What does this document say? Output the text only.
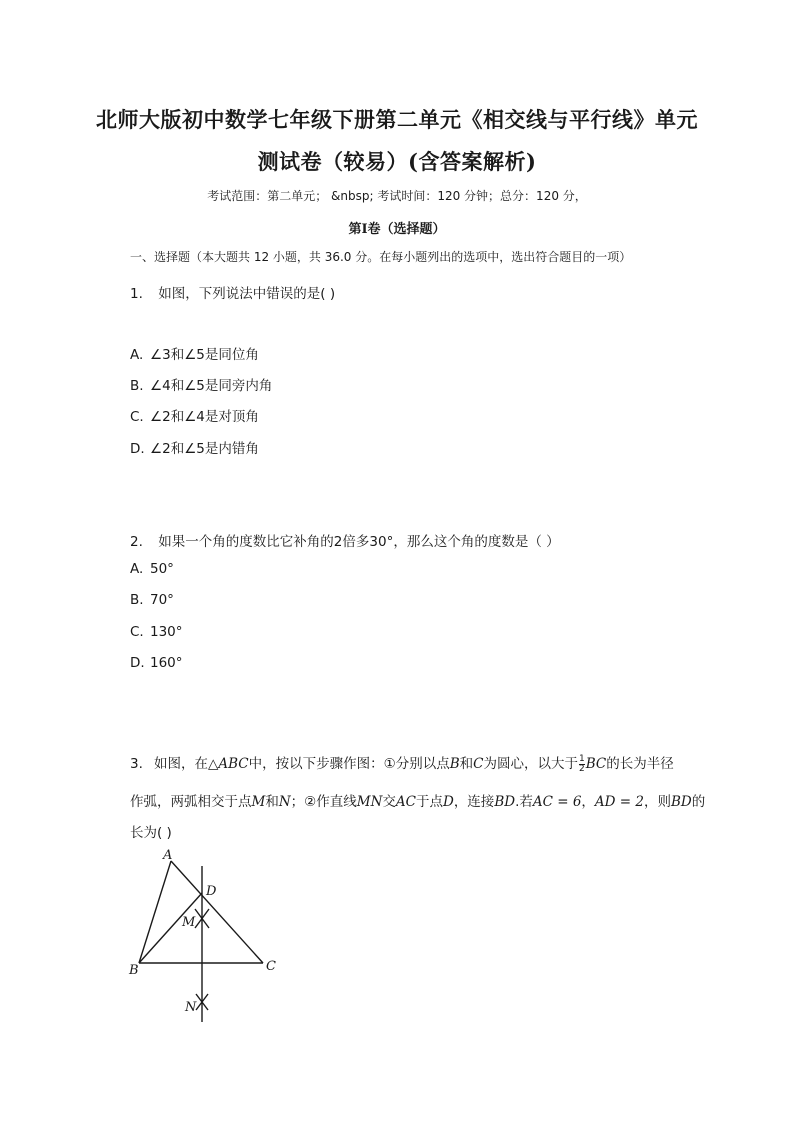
北师大版初中数学七年级下册第二单元《相交线与平行线》单元
测试卷（较易）(含答案解析)
考试范围：第二单元； &nbsp; 考试时间：120 分钟；总分：120 分，
第Ⅰ卷（选择题）
一、选择题（本大题共 12 小题，共 36.0 分。在每小题列出的选项中，选出符合题目的一项）
1. 如图，下列说法中错误的是( )
A. ∠3和∠5是同位角
B. ∠4和∠5是同旁内角
C. ∠2和∠4是对顶角
D. ∠2和∠5是内错角
2. 如果一个角的度数比它补角的2倍多30°，那么这个角的度数是（ ）
A. 50°
B. 70°
C. 130°
D. 160°
3. 如图，在△ABC中，按以下步骤作图：①分别以点B和C为圆心，以大于 $\frac{1}{2}$ BC的长为半径
作弧，两弧相交于点M和N；②作直线MN交AC于点D，连接BD.若AC = 6，AD = 2，则BD的
长为( )
A
B	C
D
M
N
